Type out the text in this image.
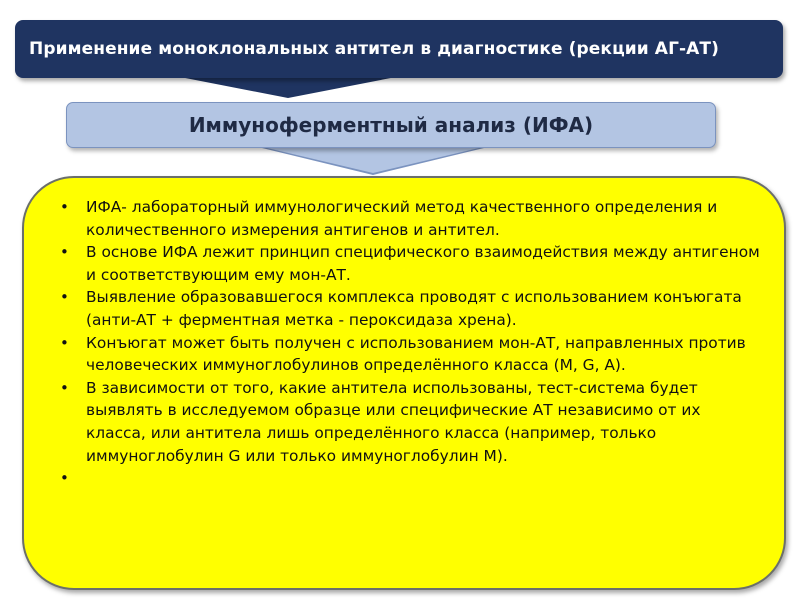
Применение моноклональных антител в диагностике (рекции АГ-АТ)
Иммуноферментный анализ (ИФА)
• ИФА- лабораторный иммунологический метод качественного определения и количественного измерения антигенов и антител.
• В основе ИФА лежит принцип специфического взаимодействия между антигеном и соответствующим ему мон-АТ.
• Выявление образовавшегося комплекса проводят с использованием конъюгата (анти-АТ + ферментная метка - пероксидаза хрена).
• Конъюгат может быть получен с использованием мон-АТ, направленных против человеческих иммуноглобулинов определённого класса (M, G, A).
• В зависимости от того, какие антитела использованы, тест-система будет выявлять в исследуемом образце или специфические АТ независимо от их класса, или антитела лишь определённого класса (например, только иммуноглобулин G или только иммуноглобулин M).
•
